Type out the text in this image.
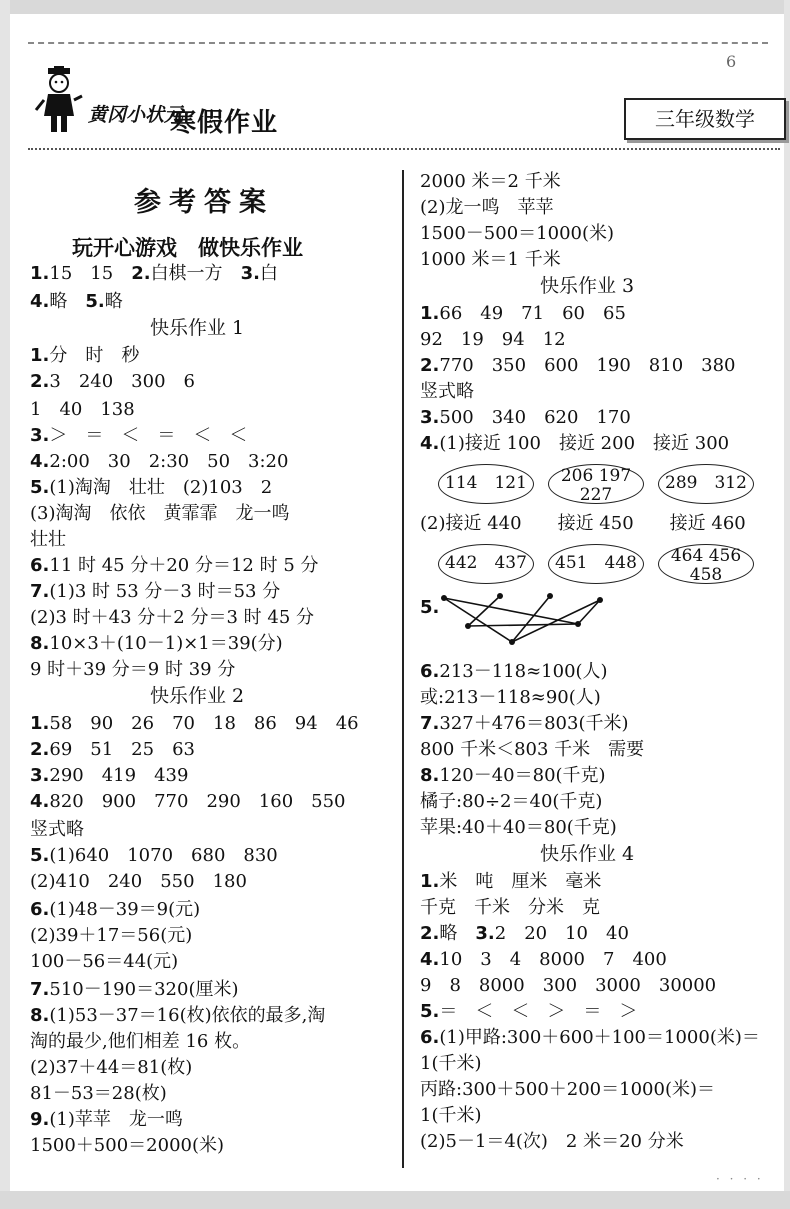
6
黄冈小状元
寒假作业	三年级数学
参考答案
玩开心游戏　做快乐作业
1.15　15　2.白棋一方　 3.白
4.略　5.略
快乐作业 1
1.分　时　秒
2.3　240　300　6
1　40　138
3.＞　＝　＜　＝　＜　＜
4.2:00　30　2:30　50　3:20
5.(1)淘淘　壮壮　(2)103　2
(3)淘淘　依依　黄霏霏　龙一鸣
壮壮
6.11 时 45 分＋20 分＝12 时 5 分
7.(1)3 时 53 分－3 时＝53 分
(2)3 时＋43 分＋2 分＝3 时 45 分
8.10×3＋(10－1)×1＝39(分)
9 时＋39 分＝9 时 39 分
快乐作业 2
1.58　90　26　70　18　86　94　46
2.69　51　25　63
3.290　419　439
4.820　900　770　290　160　550
竖式略
5.(1)640　1070　680　830
(2)410　240　550　180
6.(1)48－39＝9(元)
(2)39＋17＝56(元)
100－56＝44(元)
7.510－190＝320(厘米)
8.(1)53－37＝16(枚)依依的最多,淘
淘的最少,他们相差 16 枚。
(2)37＋44＝81(枚)
81－53＝28(枚)
9.(1)苹苹　龙一鸣
1500＋500＝2000(米)
2000 米＝2 千米
(2)龙一鸣　苹苹
1500－500＝1000(米)
1000 米＝1 千米
快乐作业 3
1.66　49　71　60　65
92　19　94　12
2.770　350　600　190　810　380
竖式略
3.500　340　620　170
4.(1)接近 100　接近 200　接近 300
114　121	206 197
227
289　312
(2)接近 440　　接近 450　　接近 460
442　437	451　448	464 456
458
5.
6.213－118≈100(人)
或:213－118≈90(人)
7.327＋476＝803(千米)
800 千米＜803 千米　需要
8.120－40＝80(千克)
橘子:80÷2＝40(千克)
苹果:40＋40＝80(千克)
快乐作业 4
1.米　吨　厘米　毫米
千克　千米　分米　克
2.略　3.2　20　10　40
4.10　3　4　8000　7　400
9　8　8000　300　3000　30000
5.＝　＜　＜　＞　＝　＞
6.(1)甲路:300＋600＋100＝1000(米)＝
1(千米)
丙路:300＋500＋200＝1000(米)＝
1(千米)
(2)5－1＝4(次)　2 米＝20 分米
· · · ·
